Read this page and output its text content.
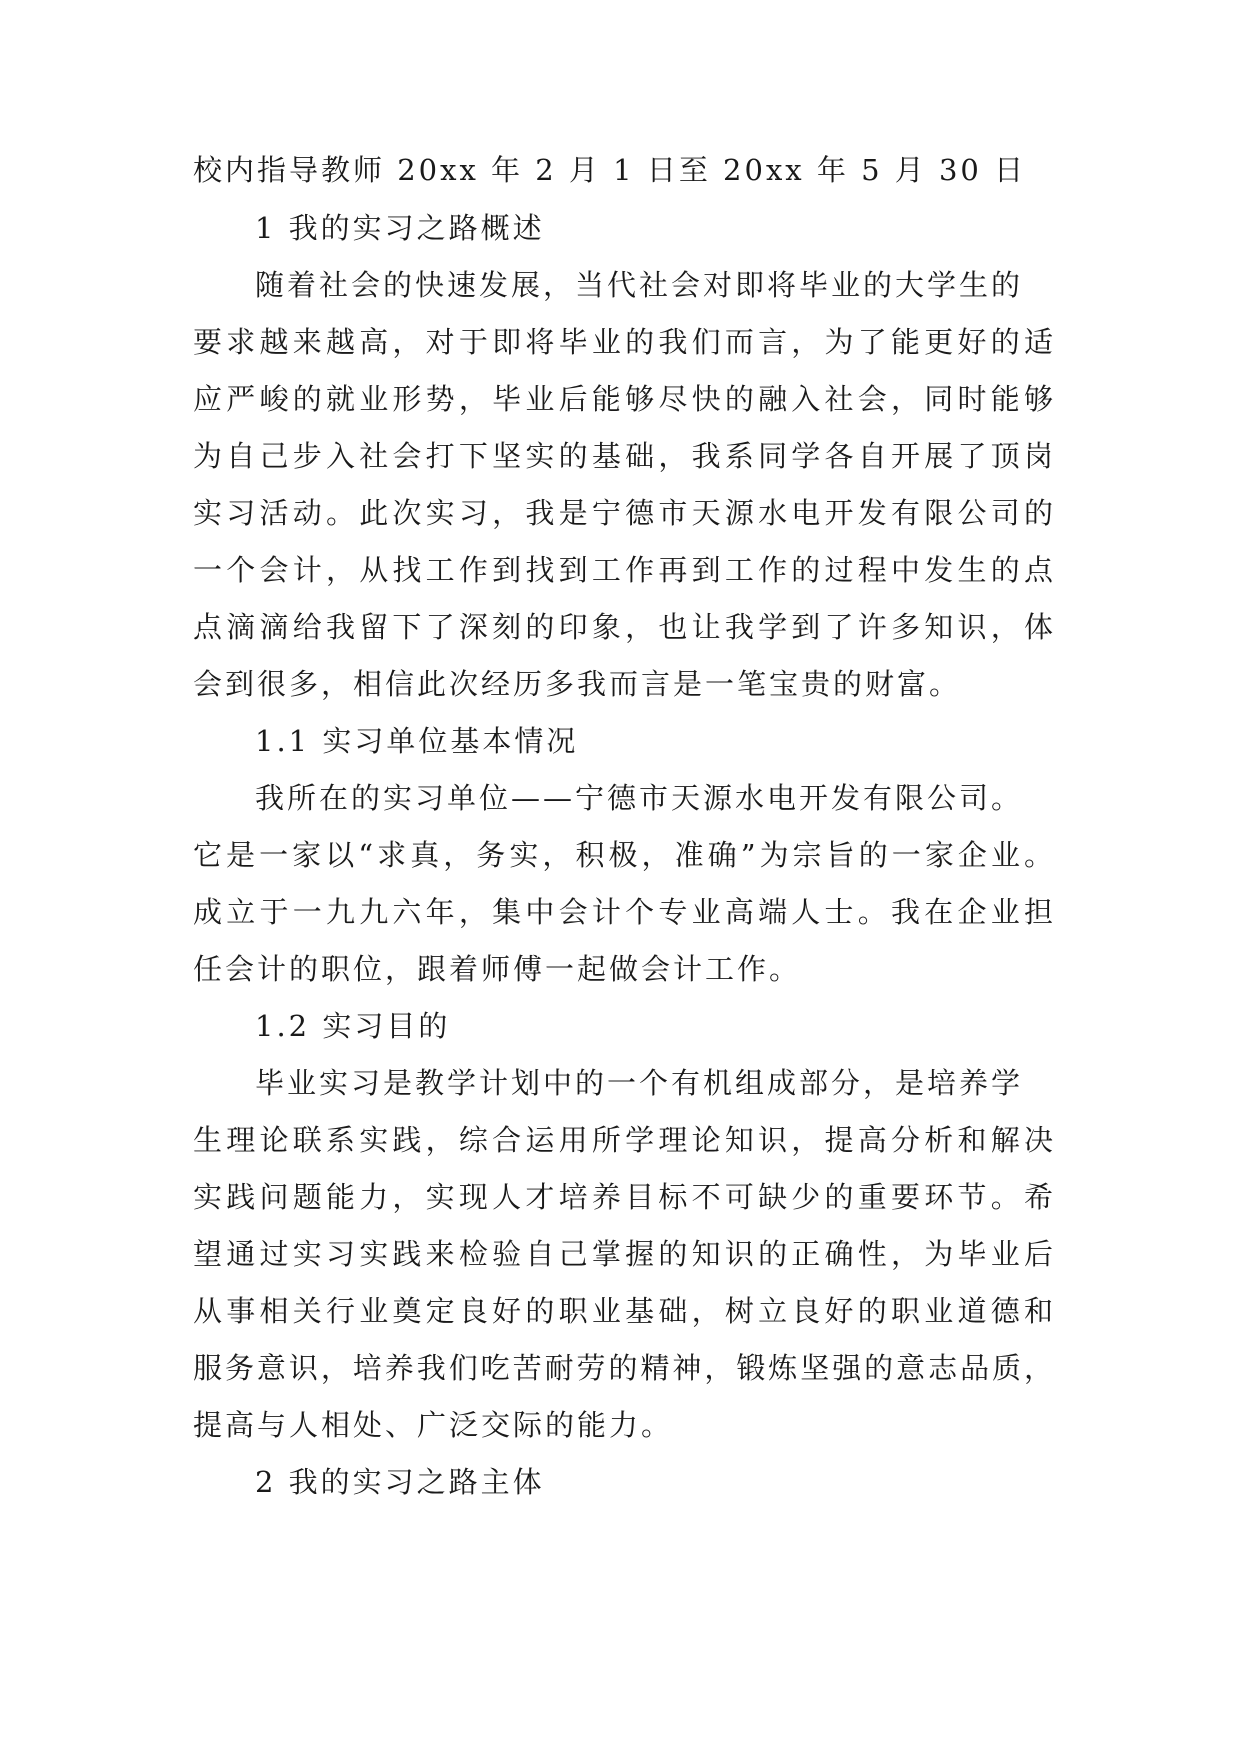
校内指导教师 20xx 年 2 月 1 日至 20xx 年 5 月 30 日
1 我的实习之路概述
随着社会的快速发展，当代社会对即将毕业的大学生的
要求越来越高，对于即将毕业的我们而言，为了能更好的适
应严峻的就业形势，毕业后能够尽快的融入社会，同时能够
为自己步入社会打下坚实的基础，我系同学各自开展了顶岗
实习活动。此次实习，我是宁德市天源水电开发有限公司的
一个会计，从找工作到找到工作再到工作的过程中发生的点
点滴滴给我留下了深刻的印象，也让我学到了许多知识，体
会到很多，相信此次经历多我而言是一笔宝贵的财富。
1.1 实习单位基本情况
我所在的实习单位——宁德市天源水电开发有限公司。
它是一家以“求真，务实，积极，准确”为宗旨的一家企业。
成立于一九九六年，集中会计个专业高端人士。我在企业担
任会计的职位，跟着师傅一起做会计工作。
1.2 实习目的
毕业实习是教学计划中的一个有机组成部分，是培养学
生理论联系实践，综合运用所学理论知识，提高分析和解决
实践问题能力，实现人才培养目标不可缺少的重要环节。希
望通过实习实践来检验自己掌握的知识的正确性，为毕业后
从事相关行业奠定良好的职业基础，树立良好的职业道德和
服务意识，培养我们吃苦耐劳的精神，锻炼坚强的意志品质，
提高与人相处、广泛交际的能力。
2 我的实习之路主体
